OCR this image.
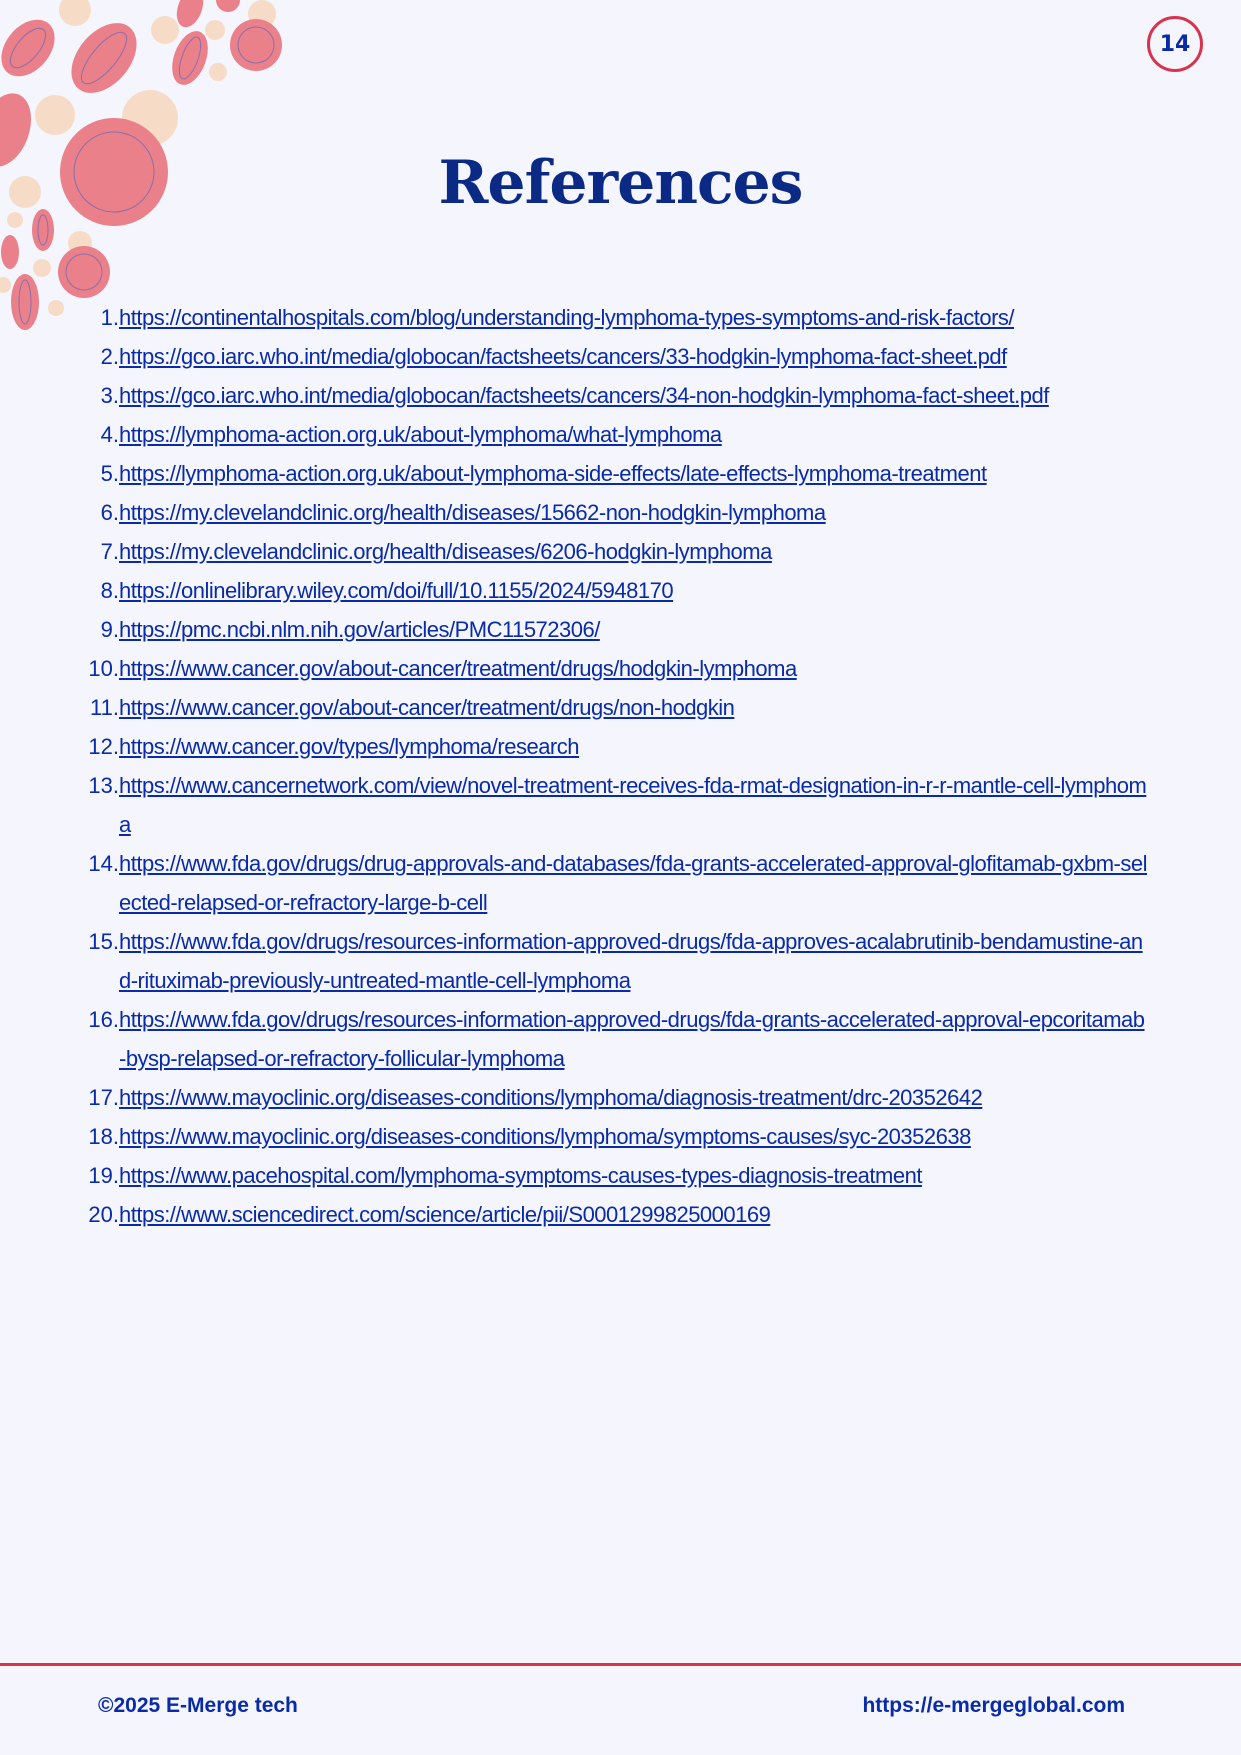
14
References
1. https://continentalhospitals.com/blog/understanding-lymphoma-types-symptoms-and-risk-factors/
2. https://gco.iarc.who.int/media/globocan/factsheets/cancers/33-hodgkin-lymphoma-fact-sheet.pdf
3. https://gco.iarc.who.int/media/globocan/factsheets/cancers/34-non-hodgkin-lymphoma-fact-sheet.pdf
4. https://lymphoma-action.org.uk/about-lymphoma/what-lymphoma
5. https://lymphoma-action.org.uk/about-lymphoma-side-effects/late-effects-lymphoma-treatment
6. https://my.clevelandclinic.org/health/diseases/15662-non-hodgkin-lymphoma
7. https://my.clevelandclinic.org/health/diseases/6206-hodgkin-lymphoma
8. https://onlinelibrary.wiley.com/doi/full/10.1155/2024/5948170
9. https://pmc.ncbi.nlm.nih.gov/articles/PMC11572306/
10. https://www.cancer.gov/about-cancer/treatment/drugs/hodgkin-lymphoma
11. https://www.cancer.gov/about-cancer/treatment/drugs/non-hodgkin
12. https://www.cancer.gov/types/lymphoma/research
13. https://www.cancernetwork.com/view/novel-treatment-receives-fda-rmat-designation-in-r-r-mantle-cell-lymphoma
14. https://www.fda.gov/drugs/drug-approvals-and-databases/fda-grants-accelerated-approval-glofitamab-gxbm-selected-relapsed-or-refractory-large-b-cell
15. https://www.fda.gov/drugs/resources-information-approved-drugs/fda-approves-acalabrutinib-bendamustine-and-rituximab-previously-untreated-mantle-cell-lymphoma
16. https://www.fda.gov/drugs/resources-information-approved-drugs/fda-grants-accelerated-approval-epcoritamab-bysp-relapsed-or-refractory-follicular-lymphoma
17. https://www.mayoclinic.org/diseases-conditions/lymphoma/diagnosis-treatment/drc-20352642
18. https://www.mayoclinic.org/diseases-conditions/lymphoma/symptoms-causes/syc-20352638
19. https://www.pacehospital.com/lymphoma-symptoms-causes-types-diagnosis-treatment
20. https://www.sciencedirect.com/science/article/pii/S0001299825000169
©2025 E-Merge tech	https://e-mergeglobal.com
